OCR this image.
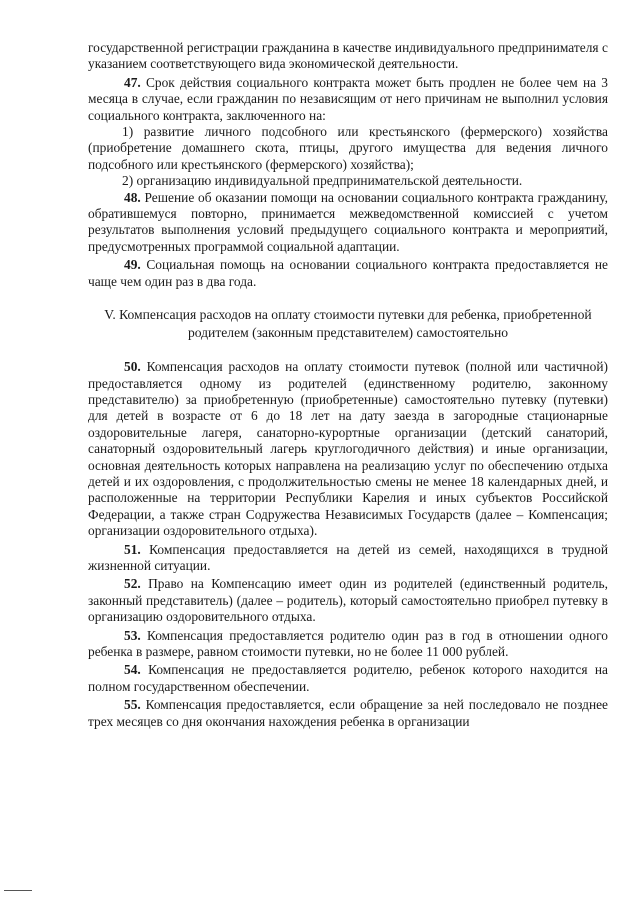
государственной регистрации гражданина в качестве индивидуального предпринимателя с указанием соответствующего вида экономической деятельности.

47. Срок действия социального контракта может быть продлен не более чем на 3 месяца в случае, если гражданин по независящим от него причинам не выполнил условия социального контракта, заключенного на:

1) развитие личного подсобного или крестьянского (фермерского) хозяйства (приобретение домашнего скота, птицы, другого имущества для ведения личного подсобного или крестьянского (фермерского) хозяйства);

2) организацию индивидуальной предпринимательской деятельности.

48. Решение об оказании помощи на основании социального контракта гражданину, обратившемуся повторно, принимается межведомственной комиссией с учетом результатов выполнения условий предыдущего социального контракта и мероприятий, предусмотренных программой социальной адаптации.

49. Социальная помощь на основании социального контракта предоставляется не чаще чем один раз в два года.

V. Компенсация расходов на оплату стоимости путевки для ребенка, приобретенной родителем (законным представителем) самостоятельно

50. Компенсация расходов на оплату стоимости путевок (полной или частичной) предоставляется одному из родителей (единственному родителю, законному представителю) за приобретенную (приобретенные) самостоятельно путевку (путевки) для детей в возрасте от 6 до 18 лет на дату заезда в загородные стационарные оздоровительные лагеря, санаторно-курортные организации (детский санаторий, санаторный оздоровительный лагерь круглогодичного действия) и иные организации, основная деятельность которых направлена на реализацию услуг по обеспечению отдыха детей и их оздоровления, с продолжительностью смены не менее 18 календарных дней, и расположенные на территории Республики Карелия и иных субъектов Российской Федерации, а также стран Содружества Независимых Государств (далее – Компенсация; организации оздоровительного отдыха).

51. Компенсация предоставляется на детей из семей, находящихся в трудной жизненной ситуации.

52. Право на Компенсацию имеет один из родителей (единственный родитель, законный представитель) (далее – родитель), который самостоятельно приобрел путевку в организацию оздоровительного отдыха.

53. Компенсация предоставляется родителю один раз в год в отношении одного ребенка в размере, равном стоимости путевки, но не более 11 000 рублей.

54. Компенсация не предоставляется родителю, ребенок которого находится на полном государственном обеспечении.

55. Компенсация предоставляется, если обращение за ней последовало не позднее трех месяцев со дня окончания нахождения ребенка в организации
